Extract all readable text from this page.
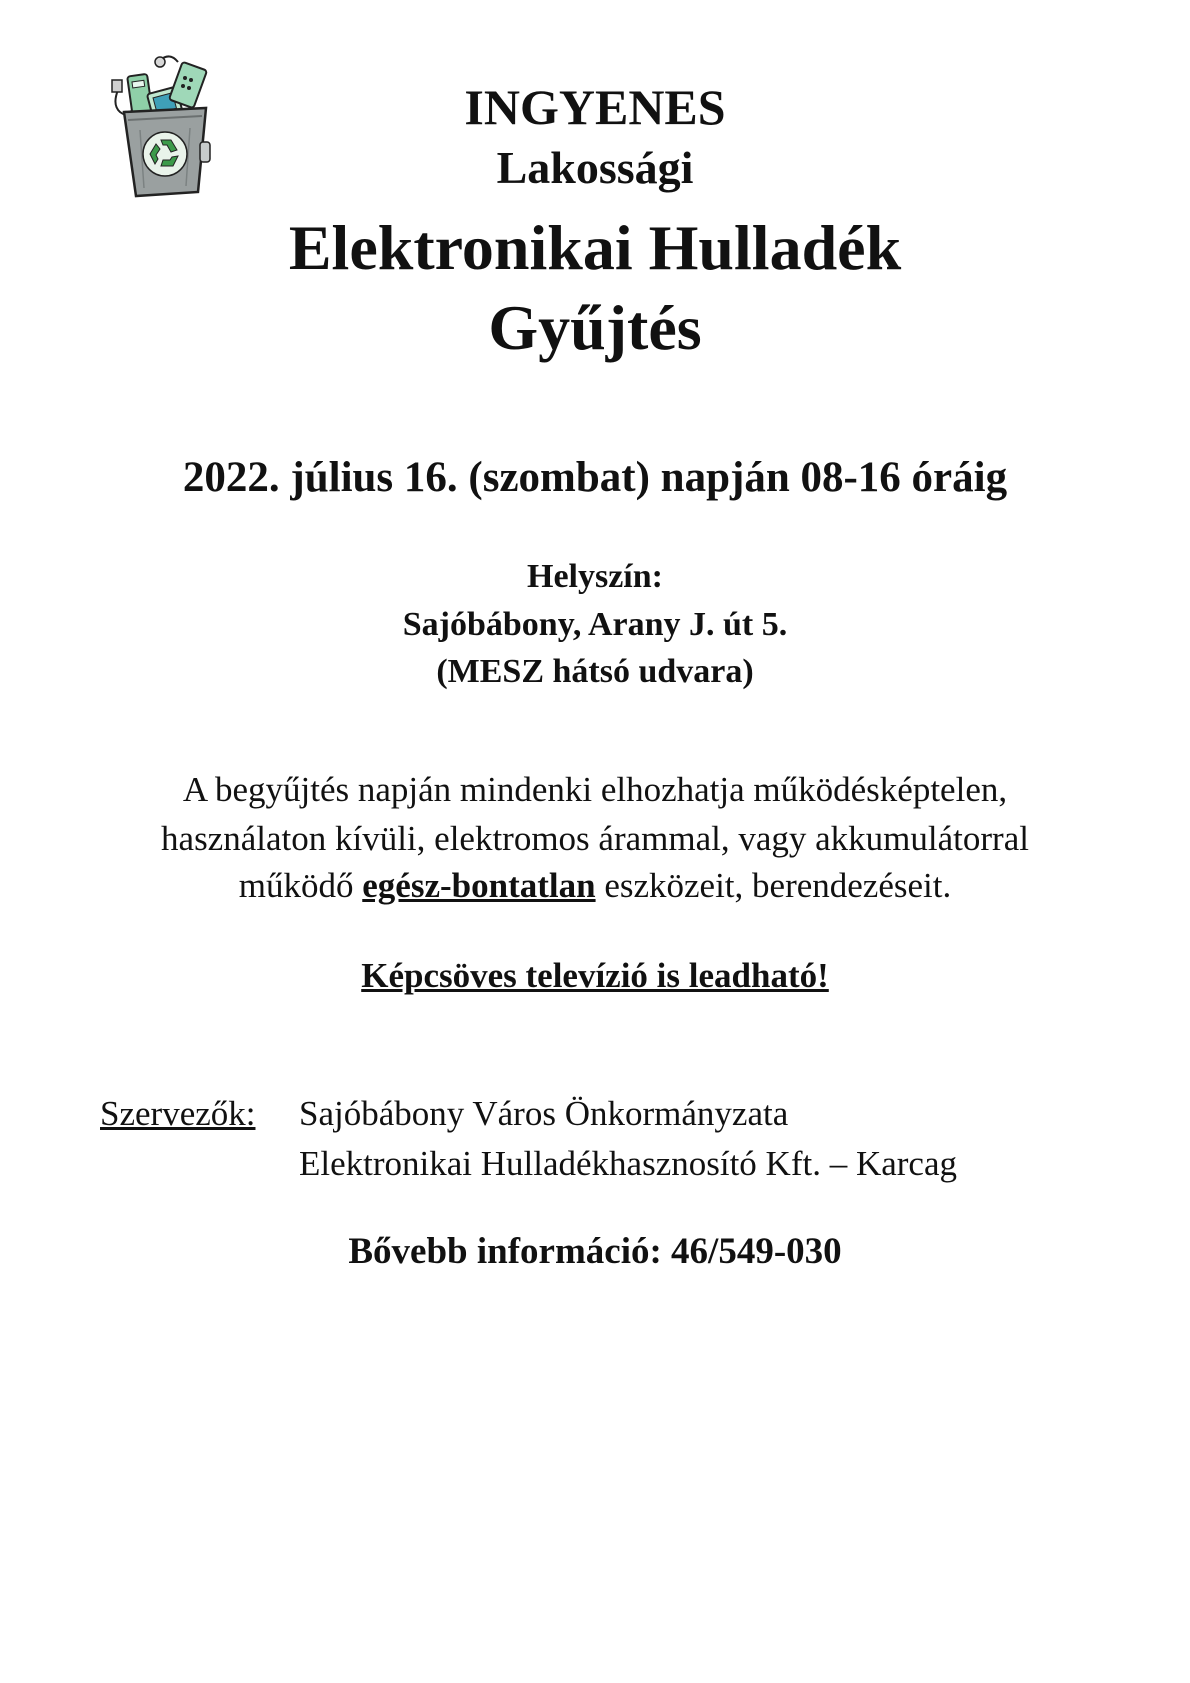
INGYENES
Lakossági
Elektronikai Hulladék
Gyűjtés
2022. július 16. (szombat) napján 08-16 óráig
Helyszín:
Sajóbábony, Arany J. út 5.
(MESZ hátsó udvara)
A begyűjtés napján mindenki elhozhatja működésképtelen,
használaton kívüli, elektromos árammal, vagy akkumulátorral
működő egész-bontatlan eszközeit, berendezéseit.
Képcsöves televízió is leadható!
Szervezők: Sajóbábony Város Önkormányzata
Elektronikai Hulladékhasznosító Kft. – Karcag
Bővebb információ: 46/549-030
